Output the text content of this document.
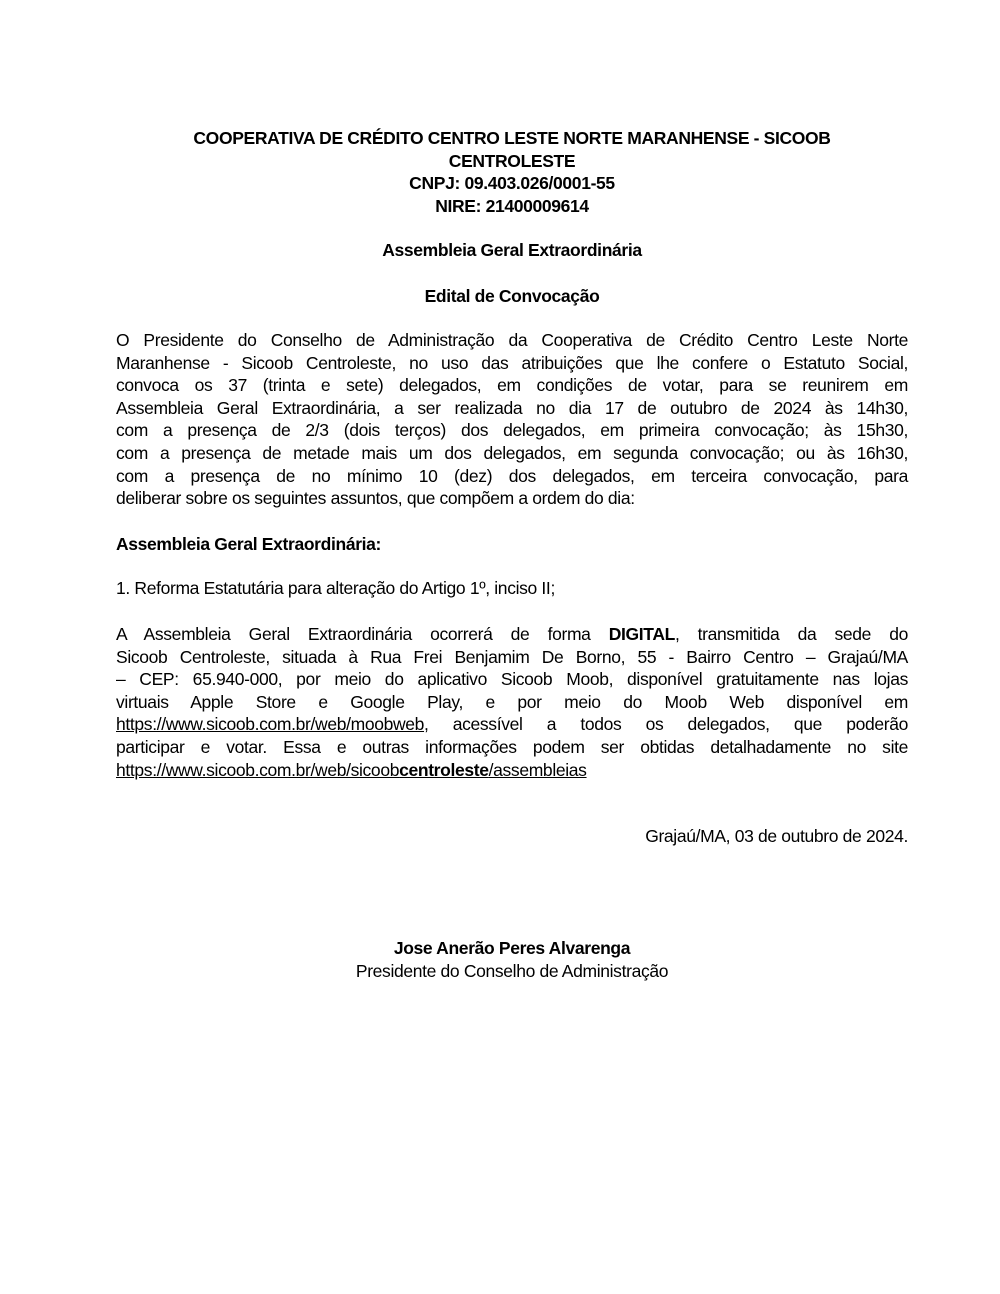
COOPERATIVA DE CRÉDITO CENTRO LESTE NORTE MARANHENSE - SICOOB
CENTROLESTE
CNPJ: 09.403.026/0001-55
NIRE: 21400009614
Assembleia Geral Extraordinária
Edital de Convocação
O Presidente do Conselho de Administração da Cooperativa de Crédito Centro Leste Norte
Maranhense - Sicoob Centroleste, no uso das atribuições que lhe confere o Estatuto Social,
convoca os 37 (trinta e sete) delegados, em condições de votar, para se reunirem em
Assembleia Geral Extraordinária, a ser realizada no dia 17 de outubro de 2024 às 14h30,
com a presença de 2/3 (dois terços) dos delegados, em primeira convocação; às 15h30,
com a presença de metade mais um dos delegados, em segunda convocação; ou às 16h30,
com a presença de no mínimo 10 (dez) dos delegados, em terceira convocação, para
deliberar sobre os seguintes assuntos, que compõem a ordem do dia:
Assembleia Geral Extraordinária:
1. Reforma Estatutária para alteração do Artigo 1º, inciso II;
A Assembleia Geral Extraordinária ocorrerá de forma DIGITAL, transmitida da sede do
Sicoob Centroleste, situada à Rua Frei Benjamim De Borno, 55 - Bairro Centro – Grajaú/MA
– CEP: 65.940-000, por meio do aplicativo Sicoob Moob, disponível gratuitamente nas lojas
virtuais Apple Store e Google Play, e por meio do Moob Web disponível em
https://www.sicoob.com.br/web/moobweb, acessível a todos os delegados, que poderão
participar e votar. Essa e outras informações podem ser obtidas detalhadamente no site
https://www.sicoob.com.br/web/sicoobcentroleste/assembleias
Grajaú/MA, 03 de outubro de 2024.
Jose Anerão Peres Alvarenga
Presidente do Conselho de Administração
